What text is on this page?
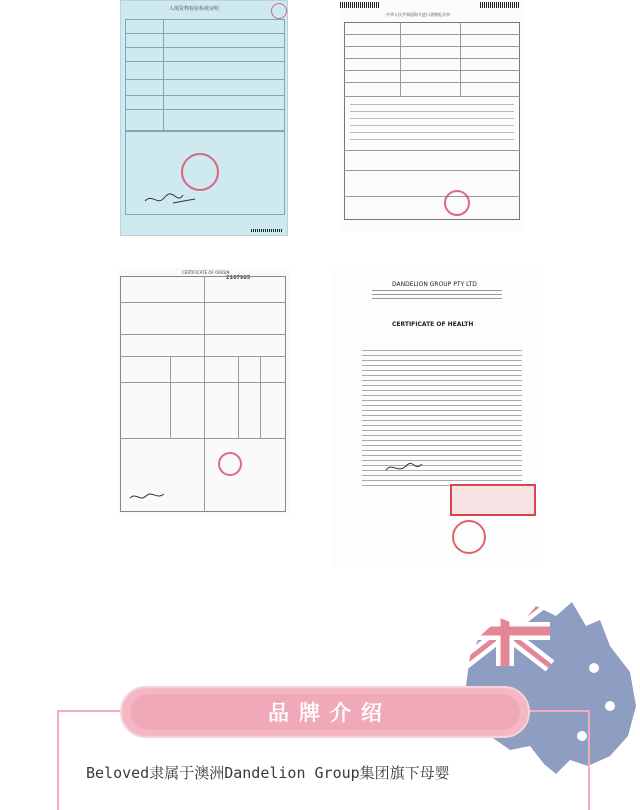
入境货物检验检疫证明
中华人民共和国海关进口货物报关单
CERTIFICATE OF ORIGIN
2167985
DANDELION GROUP PTY LTD
CERTIFICATE OF HEALTH
品牌介绍
Beloved隶属于澳洲Dandelion Group集团旗下母婴
